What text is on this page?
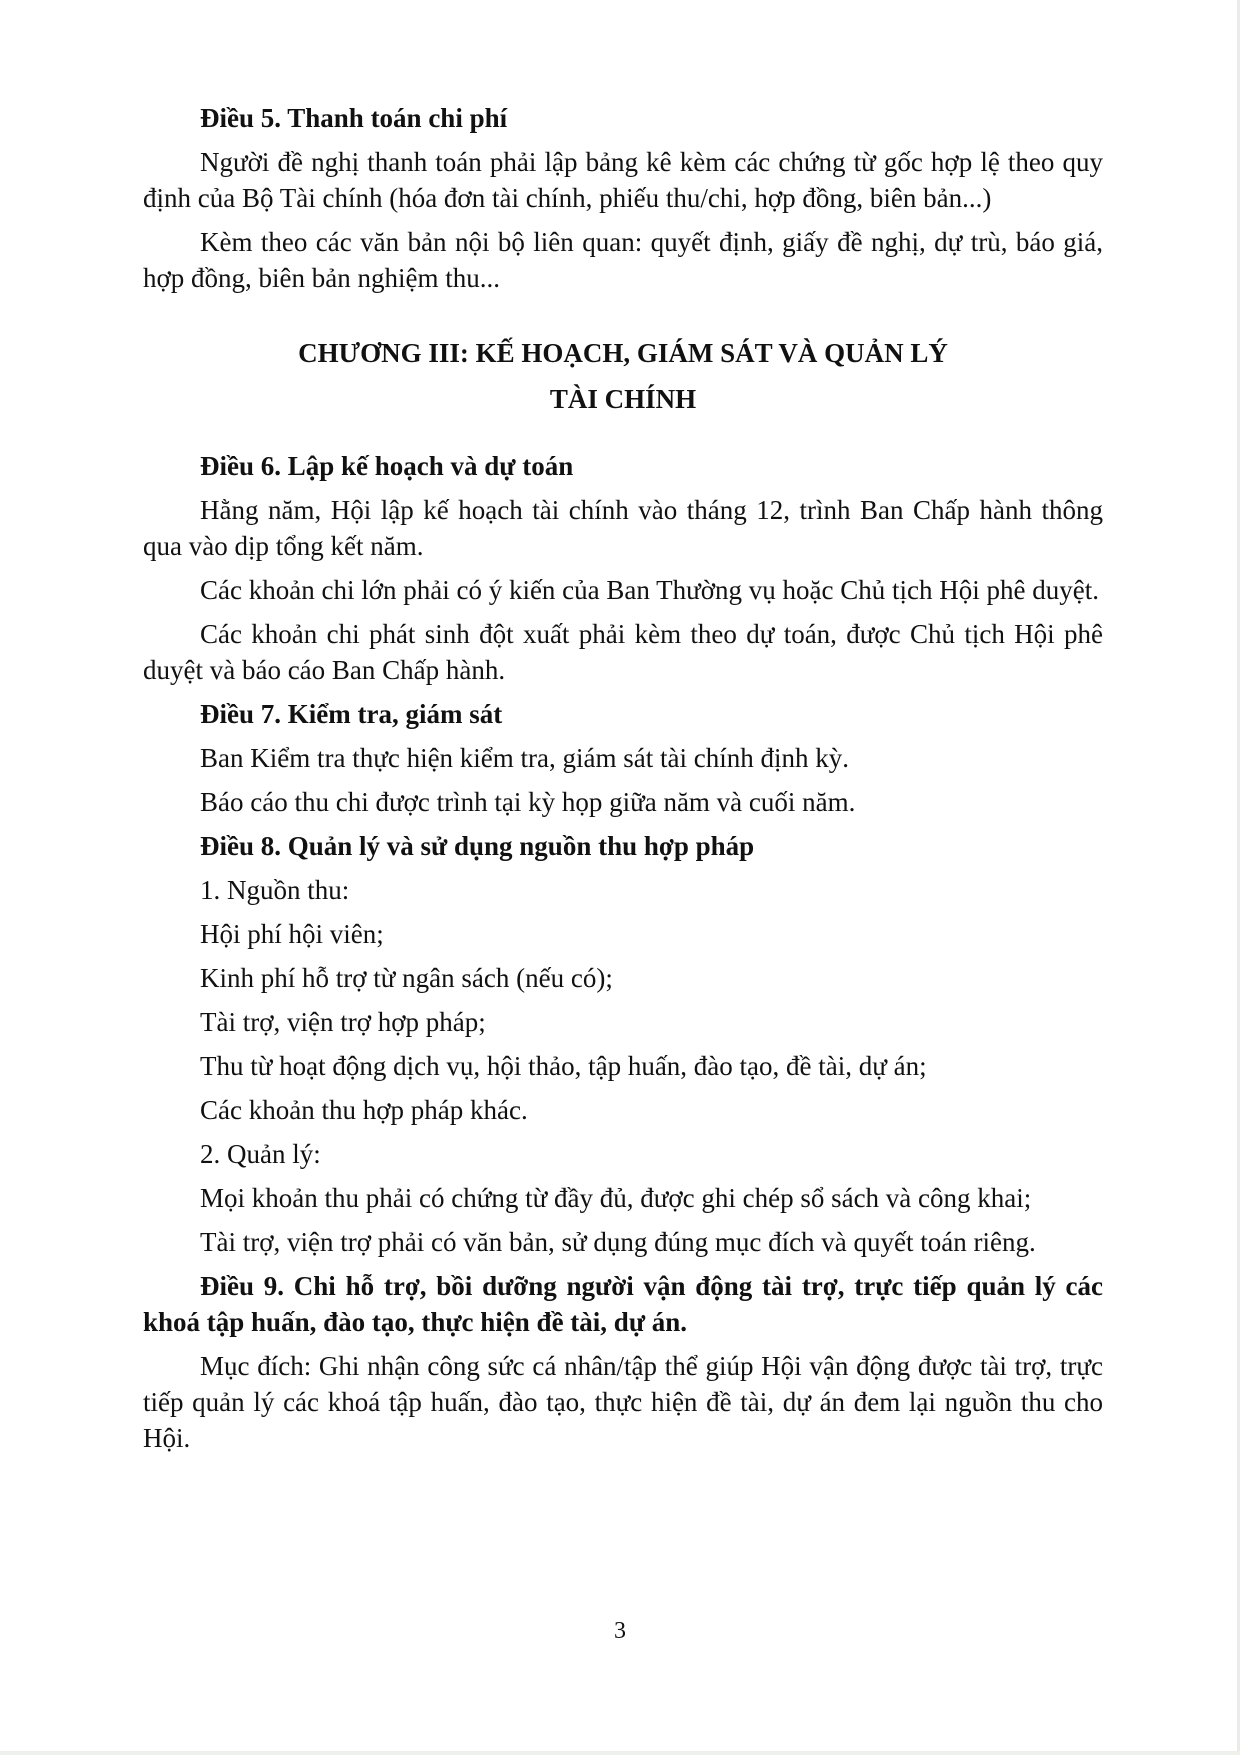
Điều 5. Thanh toán chi phí
Người đề nghị thanh toán phải lập bảng kê kèm các chứng từ gốc hợp lệ theo quy định của Bộ Tài chính (hóa đơn tài chính, phiếu thu/chi, hợp đồng, biên bản...)
Kèm theo các văn bản nội bộ liên quan: quyết định, giấy đề nghị, dự trù, báo giá, hợp đồng, biên bản nghiệm thu...
CHƯƠNG III: KẾ HOẠCH, GIÁM SÁT VÀ QUẢN LÝ
TÀI CHÍNH
Điều 6. Lập kế hoạch và dự toán
Hằng năm, Hội lập kế hoạch tài chính vào tháng 12, trình Ban Chấp hành thông qua vào dịp tổng kết năm.
Các khoản chi lớn phải có ý kiến của Ban Thường vụ hoặc Chủ tịch Hội phê duyệt.
Các khoản chi phát sinh đột xuất phải kèm theo dự toán, được Chủ tịch Hội phê duyệt và báo cáo Ban Chấp hành.
Điều 7. Kiểm tra, giám sát
Ban Kiểm tra thực hiện kiểm tra, giám sát tài chính định kỳ.
Báo cáo thu chi được trình tại kỳ họp giữa năm và cuối năm.
Điều 8. Quản lý và sử dụng nguồn thu hợp pháp
1. Nguồn thu:
Hội phí hội viên;
Kinh phí hỗ trợ từ ngân sách (nếu có);
Tài trợ, viện trợ hợp pháp;
Thu từ hoạt động dịch vụ, hội thảo, tập huấn, đào tạo, đề tài, dự án;
Các khoản thu hợp pháp khác.
2. Quản lý:
Mọi khoản thu phải có chứng từ đầy đủ, được ghi chép sổ sách và công khai;
Tài trợ, viện trợ phải có văn bản, sử dụng đúng mục đích và quyết toán riêng.
Điều 9. Chi hỗ trợ, bồi dưỡng người vận động tài trợ, trực tiếp quản lý các khoá tập huấn, đào tạo, thực hiện đề tài, dự án.
Mục đích: Ghi nhận công sức cá nhân/tập thể giúp Hội vận động được tài trợ, trực tiếp quản lý các khoá tập huấn, đào tạo, thực hiện đề tài, dự án đem lại nguồn thu cho Hội.
3
